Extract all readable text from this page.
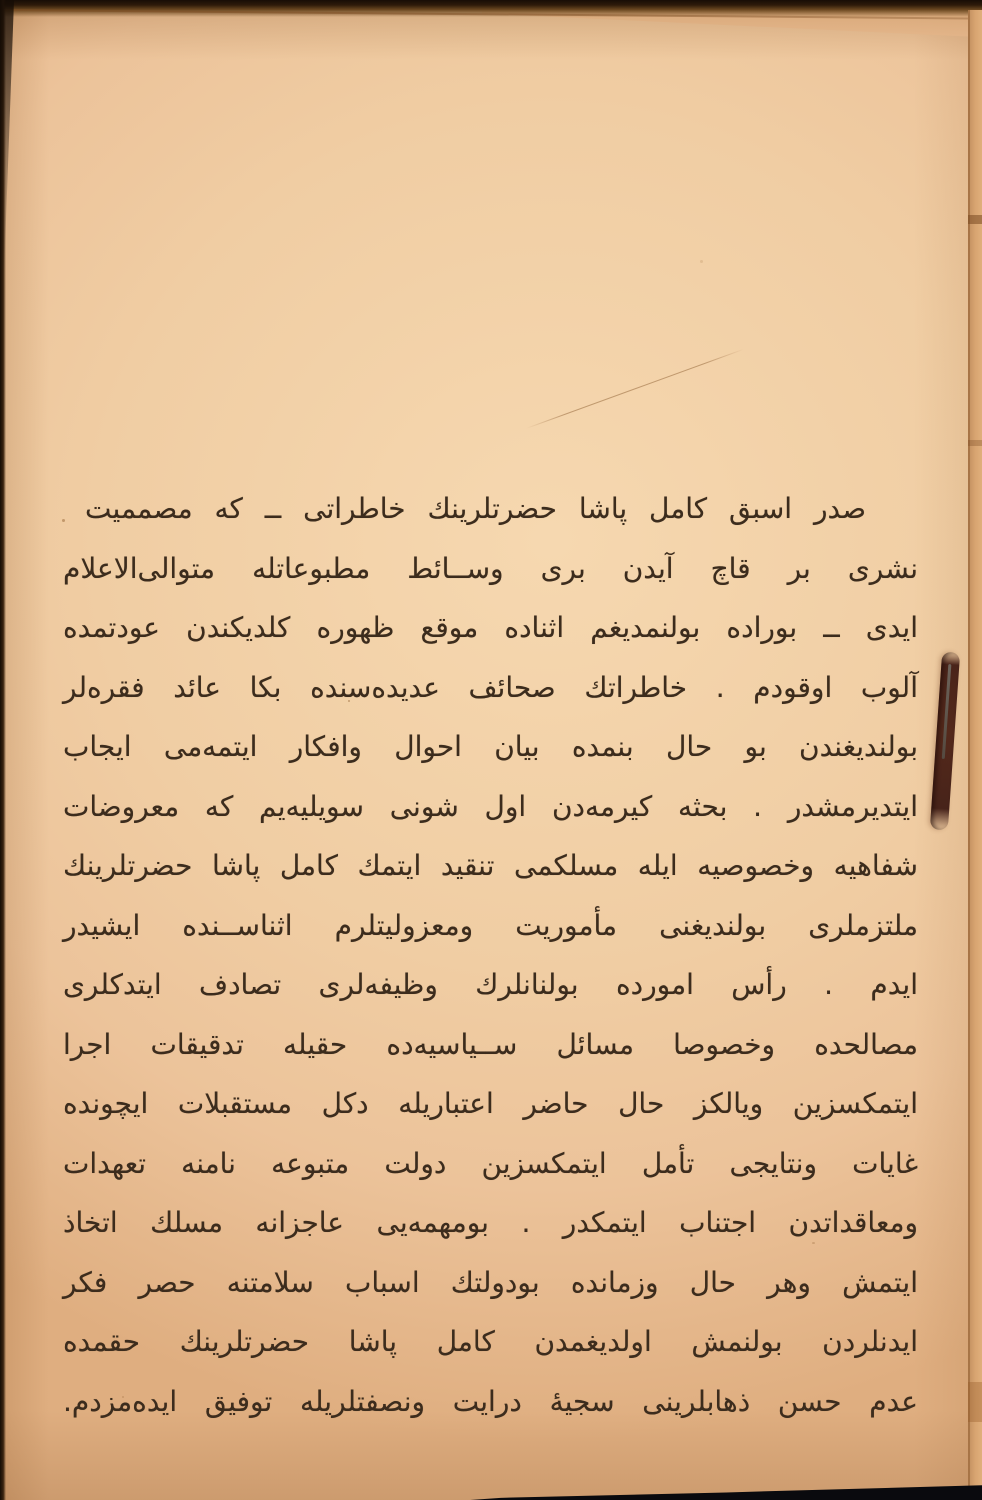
صدر اسبق كامل پاشا حضرتلرينك خاطراتى ــ كه مصمميت
نشرى بر قاچ آيدن برى وســائط مطبوعاتله متوالى‌الاعلام
ايدى ــ بوراده بولنمديغم اثناده موقع ظهوره كلديكندن عودتمده
آلوب اوقودم . خاطراتك صحائف عديده‌سنده بكا عائد فقره‌لر
بولنديغندن بو حال بنمده بيان احوال وافكار ايتمه‌مى ايجاب
ايتديرمشدر . بحثه كيرمه‌دن اول شونى سويليه‌يم كه معروضات
شفاهيه وخصوصيه ايله مسلكمى تنقيد ايتمك كامل پاشا حضرتلرينك
ملتزملرى بولنديغنى مأموريت ومعزوليتلرم اثناســنده ايشيدر
ايدم . رأس اموردە بولنانلرك وظيفه‌لرى تصادف ايتدكلرى
مصالحده وخصوصا مسائل ســياسيه‌ده حقيله تدقيقات اجرا
ايتمكسزين ويالكز حال حاضر اعتباريله دكل مستقبلات ايچونده
غايات ونتايجى تأمل ايتمكسزين دولت متبوعه نامنه تعهدات
ومعاقداتدن اجتناب ايتمكدر . بومهمه‌يى عاجزانه مسلك اتخاذ
ايتمش وهر حال وزمانده بودولتك اسباب سلامتنه حصر فكر
ايدنلردن بولنمش اولديغمدن كامل پاشا حضرتلرينك حقمده
عدم حسن ذهابلرينى سجيهٔ درايت ونصفتلريله توفيق ايده‌مزدم.
